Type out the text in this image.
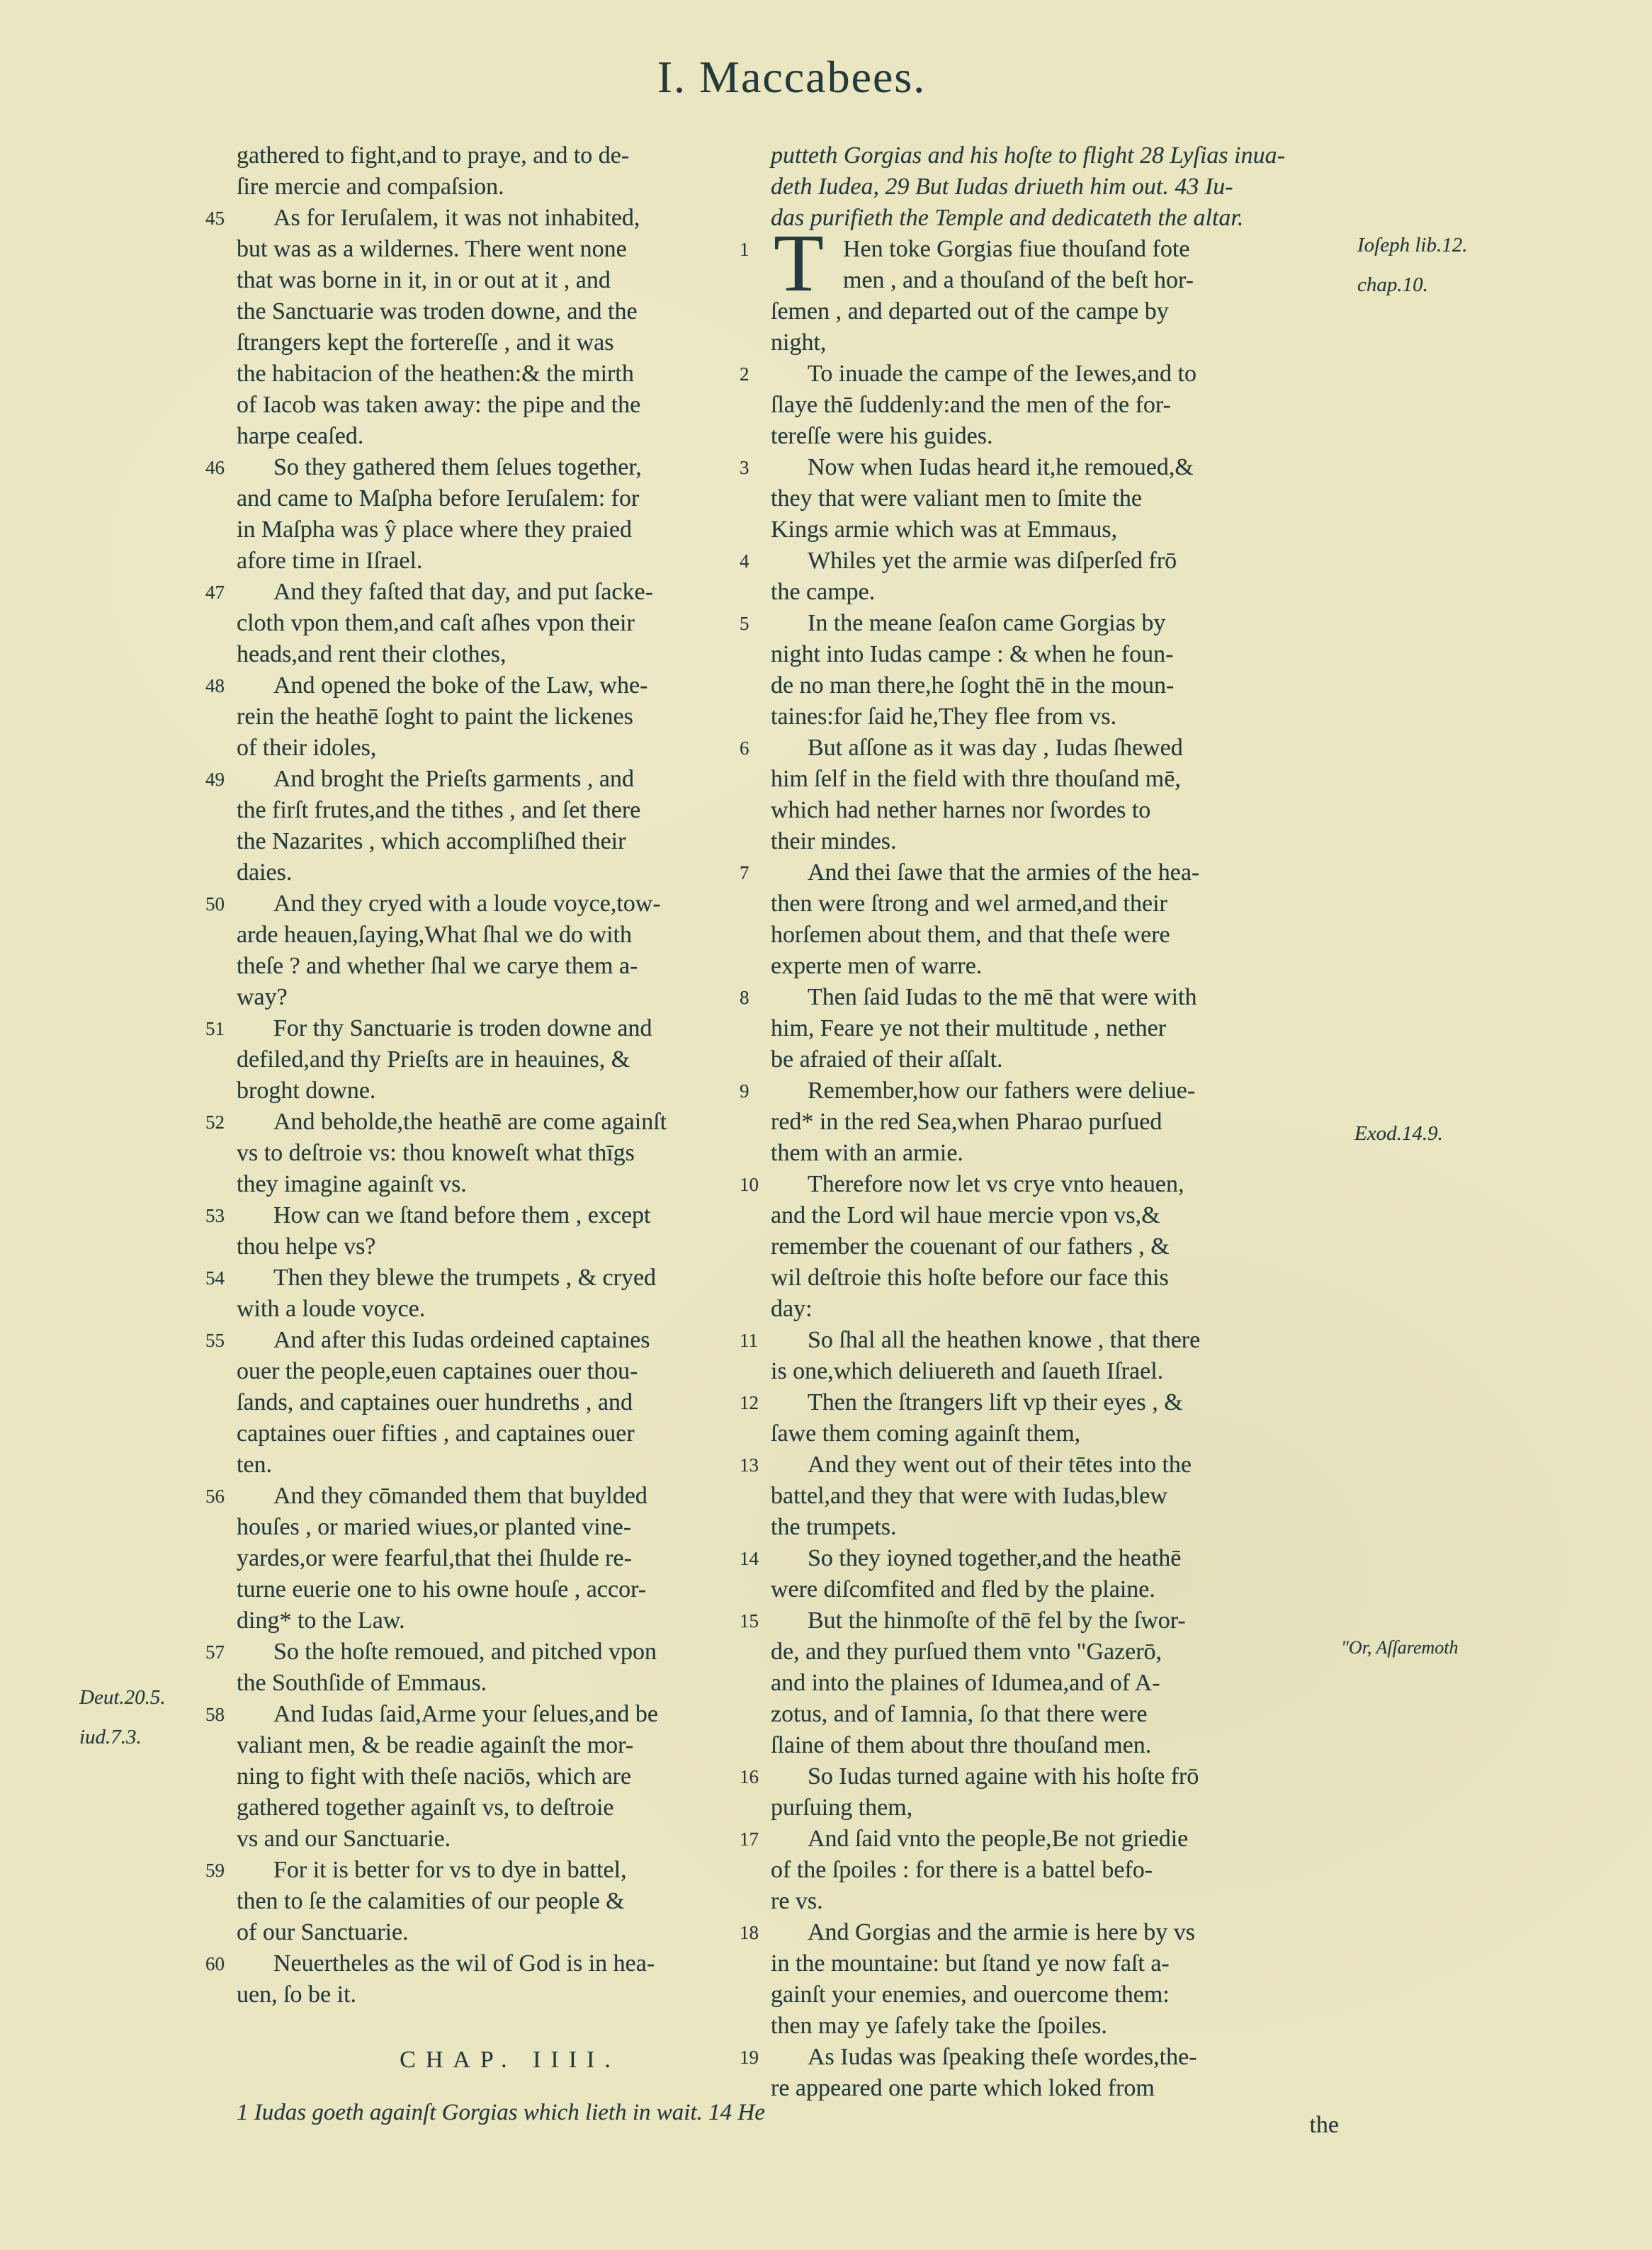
I. Maccabees.
gathered to fight,and to praye, and to de-
ſire mercie and compaſsion.
45 As for Ieruſalem, it was not inhabited,
but was as a wildernes. There went none
that was borne in it, in or out at it , and
the Sanctuarie was troden downe, and the
ſtrangers kept the fortereſſe , and it was
the habitacion of the heathen:& the mirth
of Iacob was taken away: the pipe and the
harpe ceaſed.
46 So they gathered them ſelues together,
and came to Maſpha before Ieruſalem: for
in Maſpha was ŷ place where they praied
afore time in Iſrael.
47 And they faſted that day, and put ſacke-
cloth vpon them,and caſt aſhes vpon their
heads,and rent their clothes,
48 And opened the boke of the Law, whe-
rein the heathē ſoght to paint the lickenes
of their idoles,
49 And broght the Prieſts garments , and
the firſt frutes,and the tithes , and ſet there
the Nazarites , which accompliſhed their
daies.
50 And they cryed with a loude voyce,tow-
arde heauen,ſaying,What ſhal we do with
theſe ? and whether ſhal we carye them a-
way?
51 For thy Sanctuarie is troden downe and
defiled,and thy Prieſts are in heauines, &
broght downe.
52 And beholde,the heathē are come againſt
vs to deſtroie vs: thou knoweſt what thīgs
they imagine againſt vs.
53 How can we ſtand before them , except
thou helpe vs?
54 Then they blewe the trumpets , & cryed
with a loude voyce.
55 And after this Iudas ordeined captaines
ouer the people,euen captaines ouer thou-
ſands, and captaines ouer hundreths , and
captaines ouer fifties , and captaines ouer
ten.
56 And they cōmanded them that buylded
houſes , or maried wiues,or planted vine-
yardes,or were fearful,that thei ſhulde re-
turne euerie one to his owne houſe , accor-
ding* to the Law.
57 So the hoſte remoued, and pitched vpon
the Southſide of Emmaus.
58 And Iudas ſaid,Arme your ſelues,and be
valiant men, & be readie againſt the mor-
ning to fight with theſe naciōs, which are
gathered together againſt vs, to deſtroie
vs and our Sanctuarie.
59 For it is better for vs to dye in battel,
then to ſe the calamities of our people &
of our Sanctuarie.
60 Neuertheles as the wil of God is in hea-
uen, ſo be it.
CHAP. IIII.
1 Iudas goeth againſt Gorgias which lieth in wait. 14 He
putteth Gorgias and his hoſte to flight 28 Lyſias inua-
deth Iudea, 29 But Iudas driueth him out. 43 Iu-
das purifieth the Temple and dedicateth the altar.
T
1	Hen toke Gorgias fiue thouſand fote
men , and a thouſand of the beſt hor-
ſemen , and departed out of the campe by
night,
2 To inuade the campe of the Iewes,and to
ſlaye thē ſuddenly:and the men of the for-
tereſſe were his guides.
3 Now when Iudas heard it,he remoued,&
they that were valiant men to ſmite the
Kings armie which was at Emmaus,
4 Whiles yet the armie was diſperſed frō
the campe.
5 In the meane ſeaſon came Gorgias by
night into Iudas campe : & when he foun-
de no man there,he ſoght thē in the moun-
taines:for ſaid he,They flee from vs.
6 But aſſone as it was day , Iudas ſhewed
him ſelf in the field with thre thouſand mē,
which had nether harnes nor ſwordes to
their mindes.
7 And thei ſawe that the armies of the hea-
then were ſtrong and wel armed,and their
horſemen about them, and that theſe were
experte men of warre.
8 Then ſaid Iudas to the mē that were with
him, Feare ye not their multitude , nether
be afraied of their aſſalt.
9 Remember,how our fathers were deliue-
red* in the red Sea,when Pharao purſued
them with an armie.
10 Therefore now let vs crye vnto heauen,
and the Lord wil haue mercie vpon vs,&
remember the couenant of our fathers , &
wil deſtroie this hoſte before our face this
day:
11 So ſhal all the heathen knowe , that there
is one,which deliuereth and ſaueth Iſrael.
12 Then the ſtrangers lift vp their eyes , &
ſawe them coming againſt them,
13 And they went out of their tētes into the
battel,and they that were with Iudas,blew
the trumpets.
14 So they ioyned together,and the heathē
were diſcomfited and fled by the plaine.
15 But the hinmoſte of thē fel by the ſwor-
de, and they purſued them vnto "Gazerō,
and into the plaines of Idumea,and of A-
zotus, and of Iamnia, ſo that there were
ſlaine of them about thre thouſand men.
16 So Iudas turned againe with his hoſte frō
purſuing them,
17 And ſaid vnto the people,Be not griedie
of the ſpoiles : for there is a battel befo-
re vs.
18 And Gorgias and the armie is here by vs
in the mountaine: but ſtand ye now faſt a-
gainſt your enemies, and ouercome them:
then may ye ſafely take the ſpoiles.
19 As Iudas was ſpeaking theſe wordes,the-
re appeared one parte which loked from
the
Deut.20.5.
iud.7.3.
Ioſeph lib.12.
chap.10.
Exod.14.9.
"Or, Aſſaremoth
